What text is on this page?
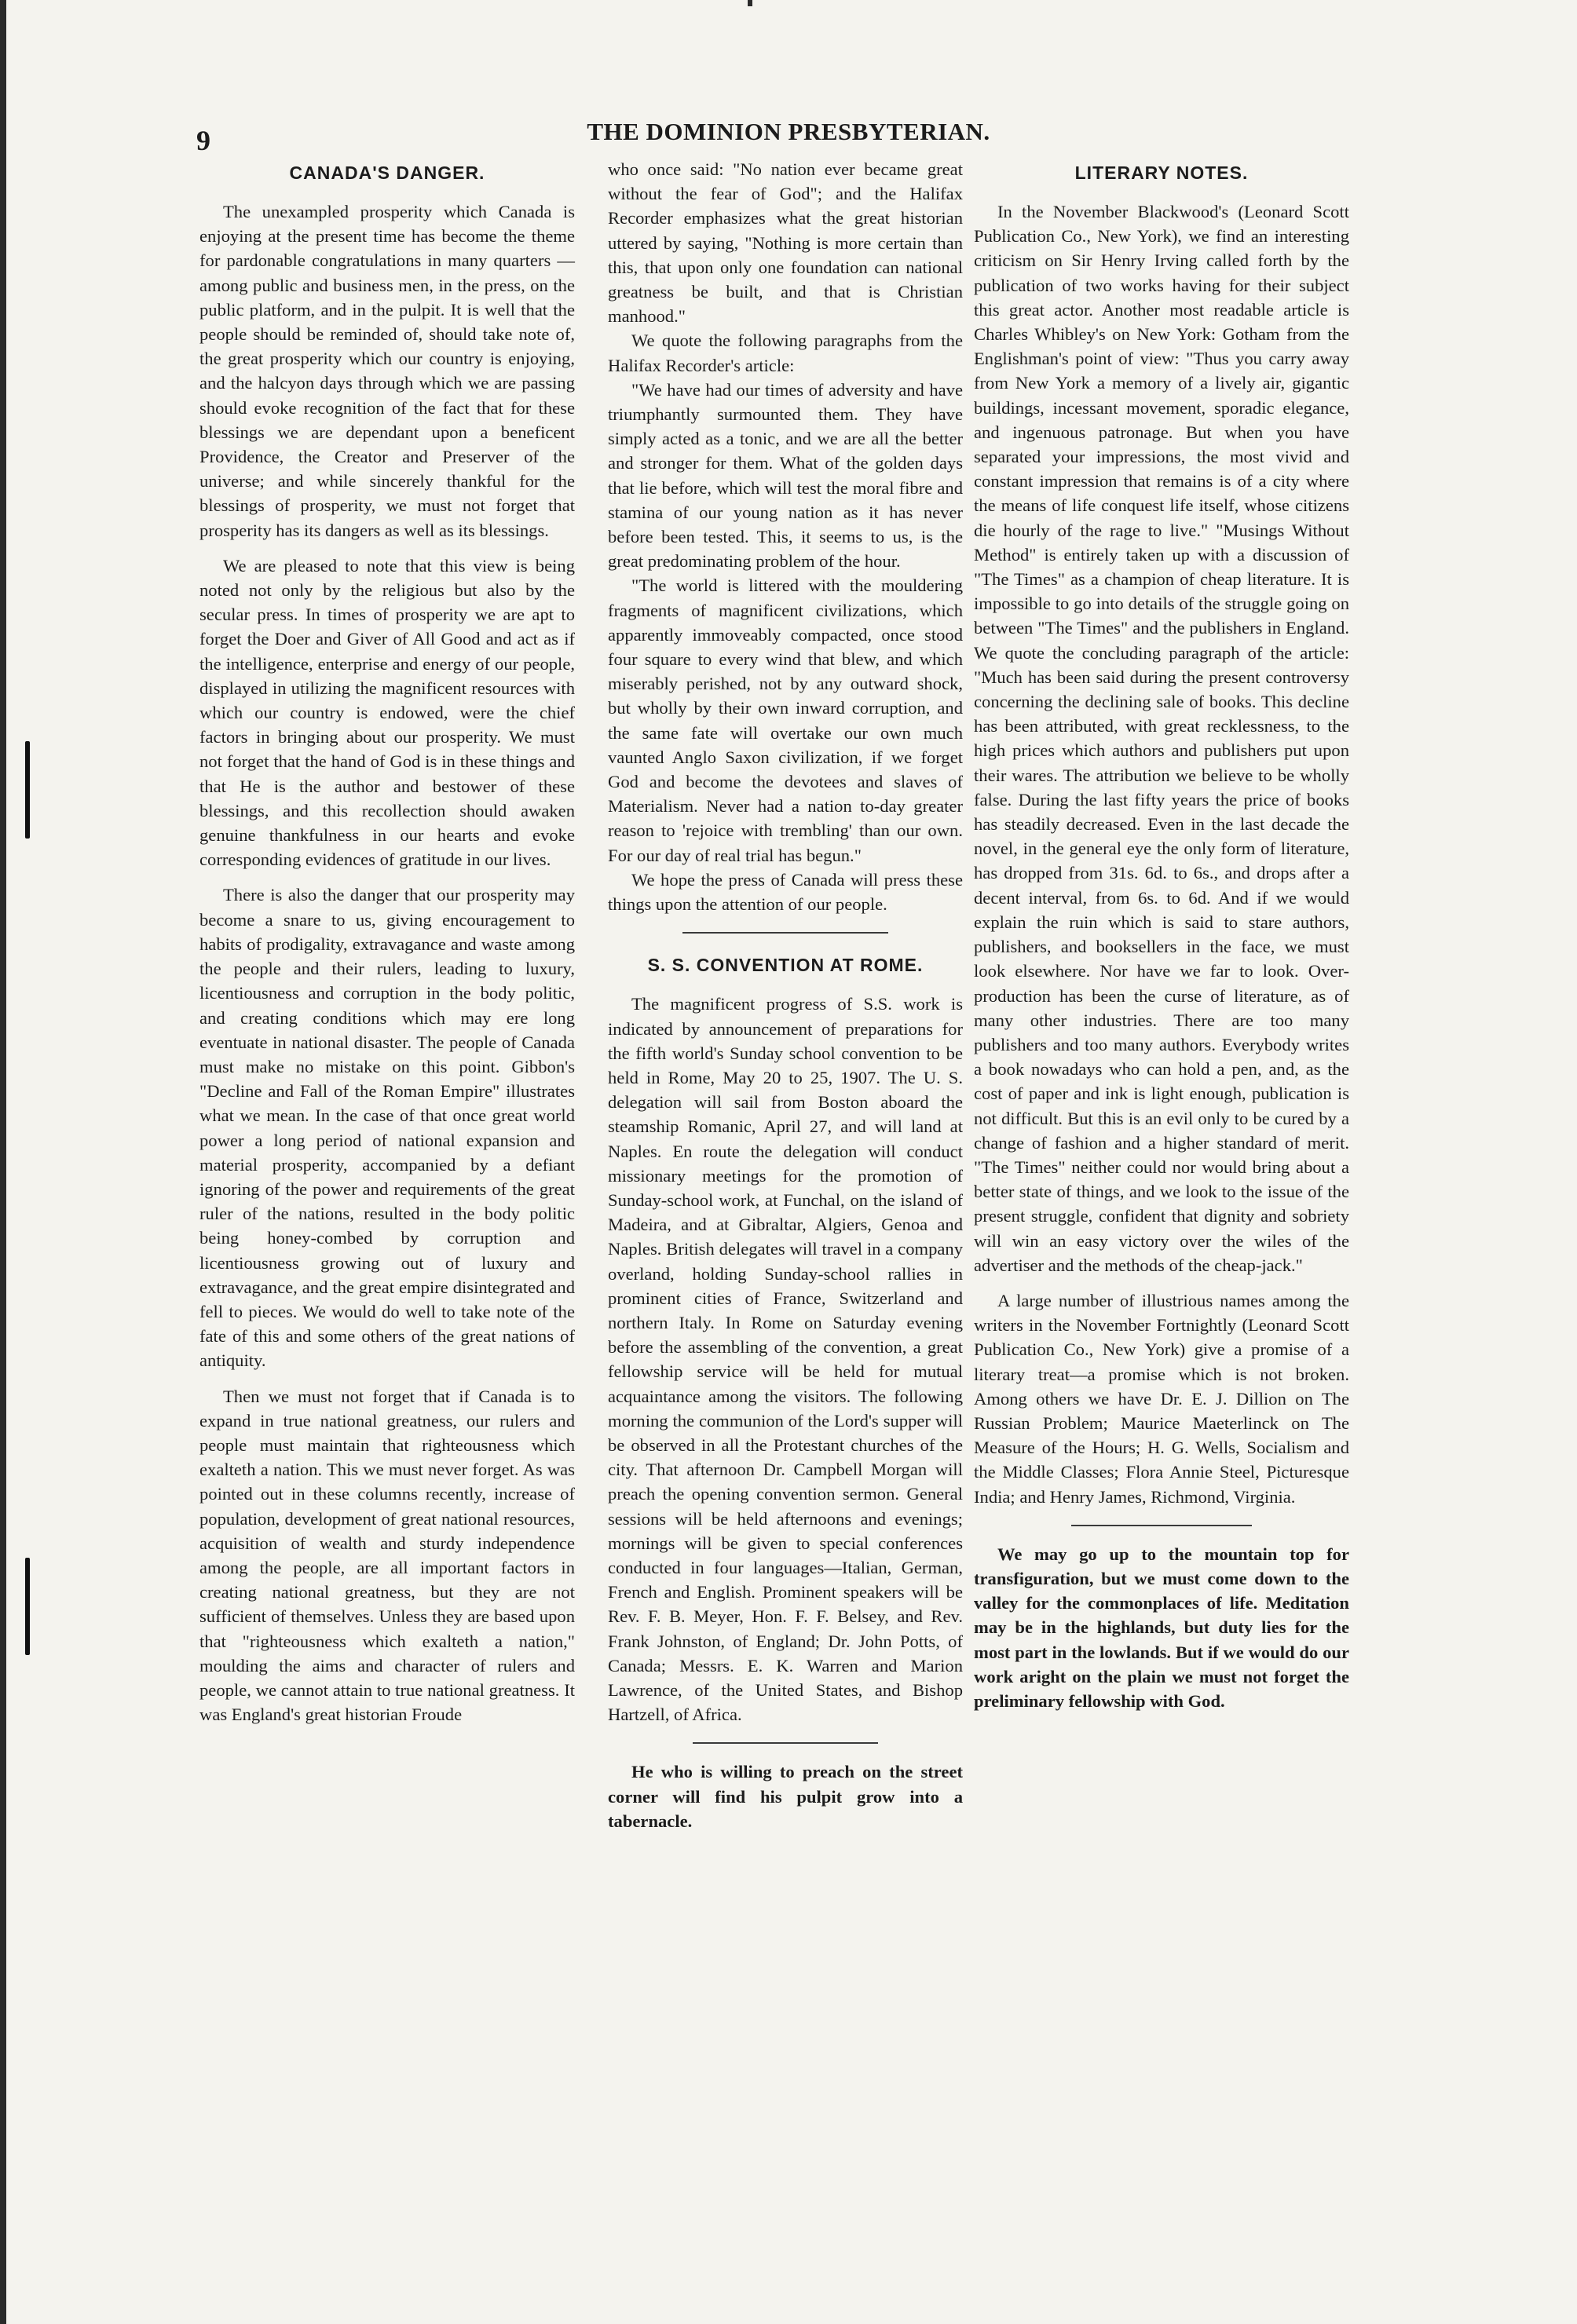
9	THE DOMINION PRESBYTERIAN.
CANADA'S DANGER.

The unexampled prosperity which Canada is enjoying at the present time has become the theme for pardonable congratulations in many quarters — among public and business men, in the press, on the public platform, and in the pulpit. It is well that the people should be reminded of, should take note of, the great prosperity which our country is enjoying, and the halcyon days through which we are passing should evoke recognition of the fact that for these blessings we are dependant upon a beneficent Providence, the Creator and Preserver of the universe; and while sincerely thankful for the blessings of prosperity, we must not forget that prosperity has its dangers as well as its blessings.

We are pleased to note that this view is being noted not only by the religious but also by the secular press. In times of prosperity we are apt to forget the Doer and Giver of All Good and act as if the intelligence, enterprise and energy of our people, displayed in utilizing the magnificent resources with which our country is endowed, were the chief factors in bringing about our prosperity. We must not forget that the hand of God is in these things and that He is the author and bestower of these blessings, and this recollection should awaken genuine thankfulness in our hearts and evoke corresponding evidences of gratitude in our lives.

There is also the danger that our prosperity may become a snare to us, giving encouragement to habits of prodigality, extravagance and waste among the people and their rulers, leading to luxury, licentiousness and corruption in the body politic, and creating conditions which may ere long eventuate in national disaster. The people of Canada must make no mistake on this point. Gibbon's "Decline and Fall of the Roman Empire" illustrates what we mean. In the case of that once great world power a long period of national expansion and material prosperity, accompanied by a defiant ignoring of the power and requirements of the great ruler of the nations, resulted in the body politic being honey-combed by corruption and licentiousness growing out of luxury and extravagance, and the great empire disintegrated and fell to pieces. We would do well to take note of the fate of this and some others of the great nations of antiquity.

Then we must not forget that if Canada is to expand in true national greatness, our rulers and people must maintain that righteousness which exalteth a nation. This we must never forget. As was pointed out in these columns recently, increase of population, development of great national resources, acquisition of wealth and sturdy independence among the people, are all important factors in creating national greatness, but they are not sufficient of themselves. Unless they are based upon that "righteousness which exalteth a nation," moulding the aims and character of rulers and people, we cannot attain to true national greatness. It was England's great historian Froude

who once said: "No nation ever became great without the fear of God"; and the Halifax Recorder emphasizes what the great historian uttered by saying, "Nothing is more certain than this, that upon only one foundation can national greatness be built, and that is Christian manhood."

We quote the following paragraphs from the Halifax Recorder's article:

"We have had our times of adversity and have triumphantly surmounted them. They have simply acted as a tonic, and we are all the better and stronger for them. What of the golden days that lie before, which will test the moral fibre and stamina of our young nation as it has never before been tested. This, it seems to us, is the great predominating problem of the hour.

"The world is littered with the mouldering fragments of magnificent civilizations, which apparently immoveably compacted, once stood four square to every wind that blew, and which miserably perished, not by any outward shock, but wholly by their own inward corruption, and the same fate will overtake our own much vaunted Anglo Saxon civilization, if we forget God and become the devotees and slaves of Materialism. Never had a nation to-day greater reason to 'rejoice with trembling' than our own. For our day of real trial has begun."

We hope the press of Canada will press these things upon the attention of our people.

S. S. CONVENTION AT ROME.

The magnificent progress of S.S. work is indicated by announcement of preparations for the fifth world's Sunday school convention to be held in Rome, May 20 to 25, 1907. The U. S. delegation will sail from Boston aboard the steamship Romanic, April 27, and will land at Naples. En route the delegation will conduct missionary meetings for the promotion of Sunday-school work, at Funchal, on the island of Madeira, and at Gibraltar, Algiers, Genoa and Naples. British delegates will travel in a company overland, holding Sunday-school rallies in prominent cities of France, Switzerland and northern Italy. In Rome on Saturday evening before the assembling of the convention, a great fellowship service will be held for mutual acquaintance among the visitors. The following morning the communion of the Lord's supper will be observed in all the Protestant churches of the city. That afternoon Dr. Campbell Morgan will preach the opening convention sermon. General sessions will be held afternoons and evenings; mornings will be given to special conferences conducted in four languages—Italian, German, French and English. Prominent speakers will be Rev. F. B. Meyer, Hon. F. F. Belsey, and Rev. Frank Johnston, of England; Dr. John Potts, of Canada; Messrs. E. K. Warren and Marion Lawrence, of the United States, and Bishop Hartzell, of Africa.

He who is willing to preach on the street corner will find his pulpit grow into a tabernacle.

LITERARY NOTES.

In the November Blackwood's (Leonard Scott Publication Co., New York), we find an interesting criticism on Sir Henry Irving called forth by the publication of two works having for their subject this great actor. Another most readable article is Charles Whibley's on New York: Gotham from the Englishman's point of view: "Thus you carry away from New York a memory of a lively air, gigantic buildings, incessant movement, sporadic elegance, and ingenuous patronage. But when you have separated your impressions, the most vivid and constant impression that remains is of a city where the means of life conquest life itself, whose citizens die hourly of the rage to live." "Musings Without Method" is entirely taken up with a discussion of "The Times" as a champion of cheap literature. It is impossible to go into details of the struggle going on between "The Times" and the publishers in England. We quote the concluding paragraph of the article: "Much has been said during the present controversy concerning the declining sale of books. This decline has been attributed, with great recklessness, to the high prices which authors and publishers put upon their wares. The attribution we believe to be wholly false. During the last fifty years the price of books has steadily decreased. Even in the last decade the novel, in the general eye the only form of literature, has dropped from 31s. 6d. to 6s., and drops after a decent interval, from 6s. to 6d. And if we would explain the ruin which is said to stare authors, publishers, and booksellers in the face, we must look elsewhere. Nor have we far to look. Over-production has been the curse of literature, as of many other industries. There are too many publishers and too many authors. Everybody writes a book nowadays who can hold a pen, and, as the cost of paper and ink is light enough, publication is not difficult. But this is an evil only to be cured by a change of fashion and a higher standard of merit. "The Times" neither could nor would bring about a better state of things, and we look to the issue of the present struggle, confident that dignity and sobriety will win an easy victory over the wiles of the advertiser and the methods of the cheap-jack."

A large number of illustrious names among the writers in the November Fortnightly (Leonard Scott Publication Co., New York) give a promise of a literary treat—a promise which is not broken. Among others we have Dr. E. J. Dillion on The Russian Problem; Maurice Maeterlinck on The Measure of the Hours; H. G. Wells, Socialism and the Middle Classes; Flora Annie Steel, Picturesque India; and Henry James, Richmond, Virginia.

We may go up to the mountain top for transfiguration, but we must come down to the valley for the commonplaces of life. Meditation may be in the highlands, but duty lies for the most part in the lowlands. But if we would do our work aright on the plain we must not forget the preliminary fellowship with God.
